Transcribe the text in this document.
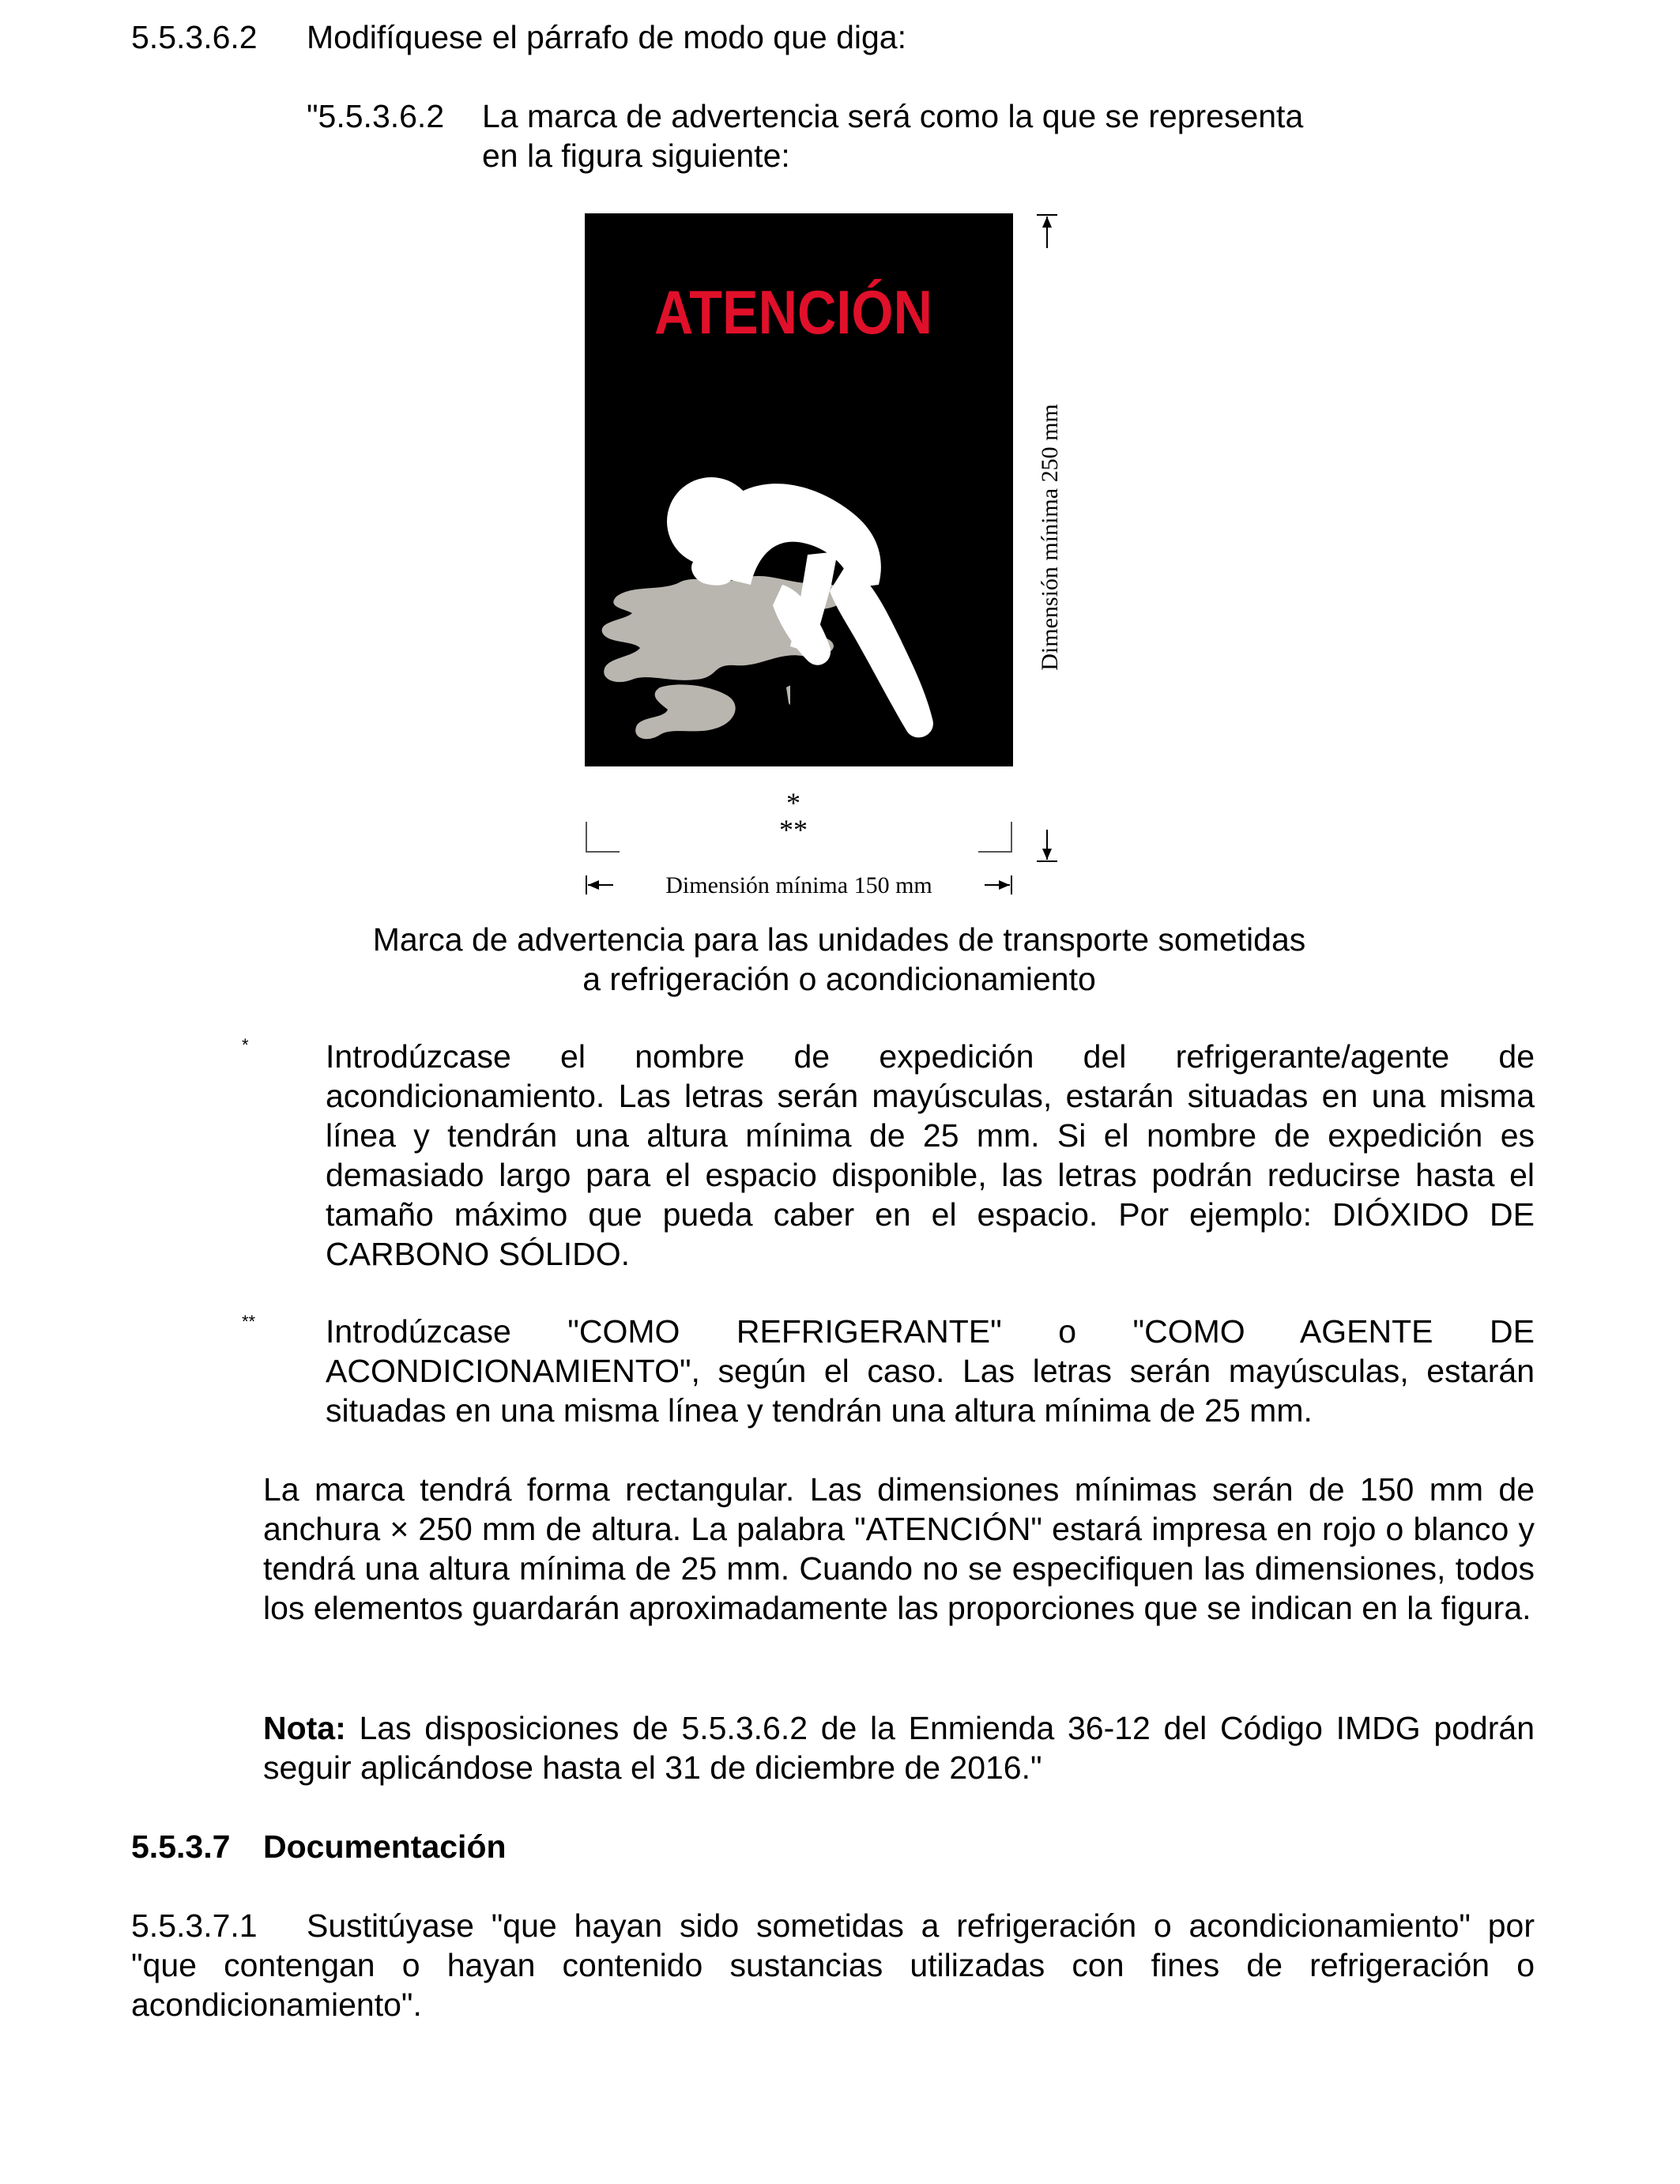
5.5.3.6.2 Modifíquese el párrafo de modo que diga:

"5.5.3.6.2 La marca de advertencia será como la que se representa

en la figura siguiente:

ATENCIÓN
*
**
Dimensión mínima 250 mm
Dimensión mínima 150 mm

Marca de advertencia para las unidades de transporte sometidas

a refrigeración o acondicionamiento

* Introdúzcase el nombre de expedición del refrigerante/agente de acondicionamiento. Las letras serán mayúsculas, estarán situadas en una misma línea y tendrán una altura mínima de 25 mm. Si el nombre de expedición es demasiado largo para el espacio disponible, las letras podrán reducirse hasta el tamaño máximo que pueda caber en el espacio. Por ejemplo: DIÓXIDO DE CARBONO SÓLIDO.

** Introdúzcase "COMO REFRIGERANTE" o "COMO AGENTE DE ACONDICIONAMIENTO", según el caso. Las letras serán mayúsculas, estarán situadas en una misma línea y tendrán una altura mínima de 25 mm.

La marca tendrá forma rectangular. Las dimensiones mínimas serán de 150 mm de anchura × 250 mm de altura. La palabra "ATENCIÓN" estará impresa en rojo o blanco y tendrá una altura mínima de 25 mm. Cuando no se especifiquen las dimensiones, todos los elementos guardarán aproximadamente las proporciones que se indican en la figura.

Nota: Las disposiciones de 5.5.3.6.2 de la Enmienda 36-12 del Código IMDG podrán seguir aplicándose hasta el 31 de diciembre de 2016."

5.5.3.7 Documentación

5.5.3.7.1 Sustitúyase "que hayan sido sometidas a refrigeración o acondicionamiento" por "que contengan o hayan contenido sustancias utilizadas con fines de refrigeración o acondicionamiento".
